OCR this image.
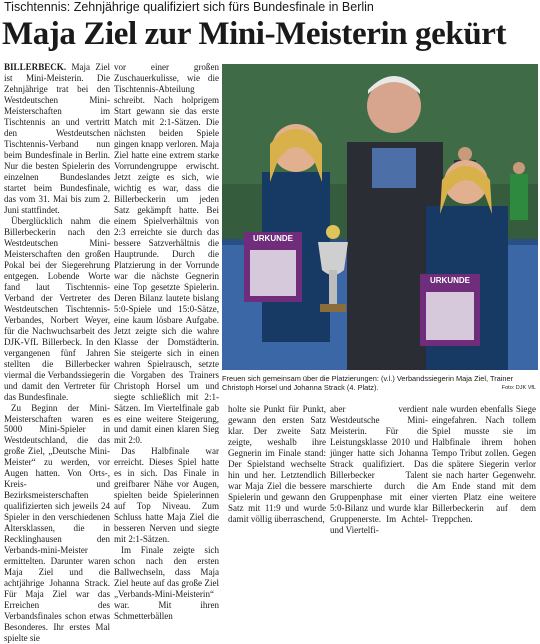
Tischtennis: Zehnjährige qualifiziert sich fürs Bundesfinale in Berlin
Maja Ziel zur Mini-Meisterin gekürt

BILLERBECK. Maja Ziel ist Mini-Meisterin. Die Zehnjährige trat bei den Westdeutschen Mini-Meisterschaften im Tischtennis an und vertritt den Westdeutschen Tischtennis-Verband nun beim Bundesfinale in Berlin. Nur die besten Spielerin des einzelnen Bundeslandes startet beim Bundesfinale, das vom 31. Mai bis zum 2. Juni stattfindet.

Überglücklich nahm die Billerbeckerin nach den Westdeutschen Mini-Meisterschaften den großen Pokal bei der Siegerehrung entgegen. Lobende Worte fand laut Tischtennis-Verband der Vertreter des Westdeutschen Tischtennis-Verbandes, Norbert Weyer, für die Nachwuchsarbeit des DJK-VfL Billerbeck. In den vergangenen fünf Jahren stellten die Billerbecker viermal die Verbandssiegerin und damit den Vertreter für das Bundesfinale.

Zu Beginn der Mini-Meisterschaften waren es 5000 Mini-Spieler in Westdeutschland, die das große Ziel, „Deutsche Mini-Meister“ zu werden, vor Augen hatten. Von Orts-, Kreis- und Bezirksmeisterschaften qualifizierten sich jeweils 24 Spieler in den verschiedenen Altersklassen, die in Recklinghausen den Verbands-mini-Meister ermittelten. Darunter waren Maja Ziel und die achtjährige Johanna Strack. Für Maja Ziel war das Erreichen des Verbandsfinales schon etwas Besonderes. Ihr erstes Mal spielte sie

vor einer großen Zuschauerkulisse, wie die Tischtennis-Abteilung schreibt. Nach holprigem Start gewann sie das erste Match mit 2:1-Sätzen. Die nächsten beiden Spiele gingen knapp verloren. Maja Ziel hatte eine extrem starke Vorrundengruppe erwischt. Jetzt zeigte es sich, wie wichtig es war, dass die Billerbeckerin um jeden Satz gekämpft hatte. Bei einem Spielverhältnis von 2:3 erreichte sie durch das bessere Satzverhältnis die Hauptrunde. Durch die Platzierung in der Vorrunde war die nächste Gegnerin eine Top gesetzte Spielerin. Deren Bilanz lautete bislang 5:0-Spiele und 15:0-Sätze, eine kaum lösbare Aufgabe. Jetzt zeigte sich die wahre Klasse der Domstädterin. Sie steigerte sich in einen wahren Spielrausch, setzte die Vorgaben des Trainers Christoph Horsel um und siegte schließlich mit 2:1-Sätzen. Im Viertelfinale gab es eine weitere Steigerung, und damit einen klaren Sieg mit 2:0.

Das Halbfinale war erreicht. Dieses Spiel hatte es in sich. Das Finale in greifbarer Nähe vor Augen, spielten beide Spielerinnen auf Top Niveau. Zum Schluss hatte Maja Ziel die besseren Nerven und siegte mit 2:1-Sätzen.

Im Finale zeigte sich schon nach den ersten Ballwechseln, dass Maja Ziel heute auf das große Ziel „Verbands-Mini-Meisterin“ war. Mit ihren Schmetterbällen

URKUNDE
URKUNDE
Freuen sich gemeinsam über die Platzierungen: (v.l.) Verbandssiegerin Maja Ziel, Trainer Christoph Horsel und Johanna Strack (4. Platz).	Foto: DJK VfL
holte sie Punkt für Punkt, gewann den ersten Satz klar. Der zweite Satz zeigte, weshalb ihre Gegnerin im Finale stand: Der Spielstand wechselte hin und her. Letztendlich war Maja Ziel die bessere Spielerin und gewann den Satz mit 11:9 und wurde damit völlig überraschend,
aber verdient Westdeutsche Mini-Meisterin. Für die Leistungsklasse 2010 und jünger hatte sich Johanna Strack qualifiziert. Das Billerbecker Talent marschierte durch die Gruppenphase mit einer 5:0-Bilanz und wurde klar Gruppenerste. Im Achtel- und Viertelfi-
nale wurden ebenfalls Siege eingefahren. Nach tollem Spiel musste sie im Halbfinale ihrem hohen Tempo Tribut zollen. Gegen die spätere Siegerin verlor sie nach harter Gegenwehr. Am Ende stand mit dem vierten Platz eine weitere Billerbeckerin auf dem Treppchen.
